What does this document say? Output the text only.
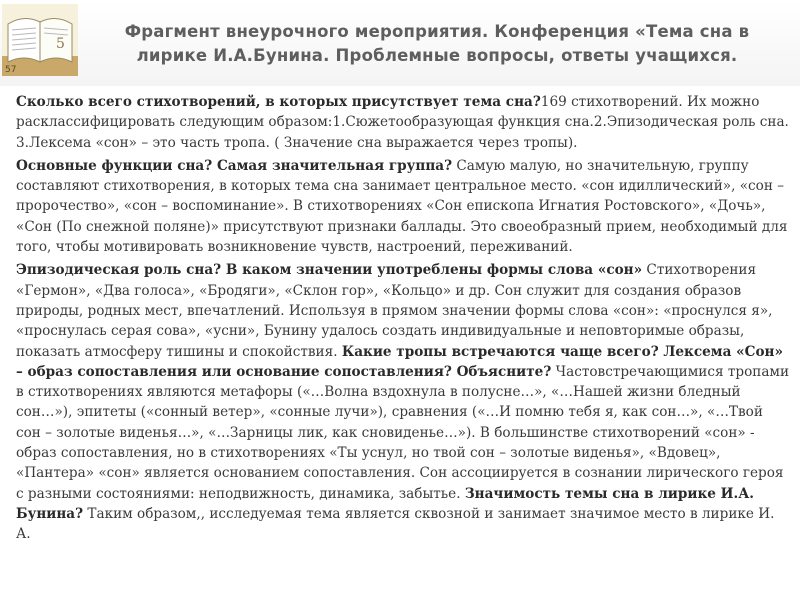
5
57
Фрагмент внеурочного мероприятия. Конференция «Тема сна в лирике И.А.Бунина. Проблемные вопросы, ответы учащихся.

Сколько всего стихотворений, в которых присутствует тема сна?169 стихотворений. Их можно расклассифицировать следующим образом:1.Сюжетообразующая функция сна.2.Эпизодическая роль сна. 3.Лексема «сон» – это часть тропа. ( Значение сна выражается через тропы).

Основные функции сна? Самая значительная группа? Самую малую, но значительную, группу составляют стихотворения, в которых тема сна занимает центральное место. «сон идиллический», «сон – пророчество», «сон – воспоминание». В стихотворениях «Сон епископа Игнатия Ростовского», «Дочь», «Сон (По снежной поляне)» присутствуют признаки баллады. Это своеобразный прием, необходимый для того, чтобы мотивировать возникновение чувств, настроений, переживаний.

Эпизодическая роль сна? В каком значении употреблены формы слова «сон» Стихотворения «Гермон», «Два голоса», «Бродяги», «Склон гор», «Кольцо» и др. Сон служит для создания образов природы, родных мест, впечатлений. Используя в прямом значении формы слова «сон»: «проснулся я», «проснулась серая сова», «усни», Бунину удалось создать индивидуальные и неповторимые образы, показать атмосферу тишины и спокойствия. Какие тропы встречаются чаще всего? Лексема «Сон» – образ сопоставления или основание сопоставления? Объясните? Частовстречающимися тропами в стихотворениях являются метафоры («…Волна вздохнула в полусне…», «…Нашей жизни бледный сон…»), эпитеты («сонный ветер», «сонные лучи»), сравнения («…И помню тебя я, как сон…», «…Твой сон – золотые виденья…», «…Зарницы лик, как сновиденье…»). В большинстве стихотворений «сон» - образ сопоставления, но в стихотворениях «Ты уснул, но твой сон – золотые виденья», «Вдовец», «Пантера» «сон» является основанием сопоставления. Сон ассоциируется в сознании лирического героя с разными состояниями: неподвижность, динамика, забытье. Значимость темы сна в лирике И.А. Бунина? Таким образом,, исследуемая тема является сквозной и занимает значимое место в лирике И. А.
